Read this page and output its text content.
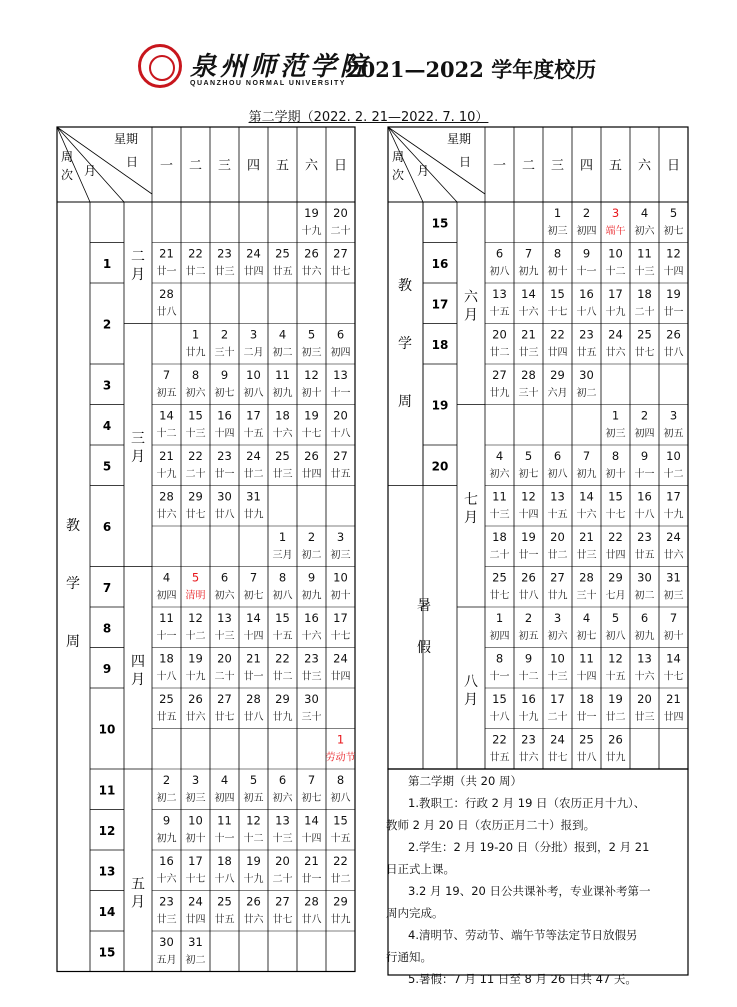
泉州师范学院
QUANZHOU NORMAL UNIVERSITY
2021—2022 学年度校历
第二学期（2022. 2. 21—2022. 7. 10）
星期
日
月
周
次
一 二 三 四 五 六 日
19
十九
20
二十
21
廿一
22
廿二
23
廿三
24
廿四
25
廿五
26
廿六
27
廿七
28
廿八
1
廿九
2
三十
3
二月
4
初二
5
初三
6
初四
7
初五
8
初六
9
初七
10
初八
11
初九
12
初十
13
十一
14
十二
15
十三
16
十四
17
十五
18
十六
19
十七
20
十八
21
十九
22
二十
23
廿一
24
廿二
25
廿三
26
廿四
27
廿五
28
廿六
29
廿七
30
廿八
31
廿九
1
三月
2
初二
3
初三
4
初四
5
清明
6
初六
7
初七
8
初八
9
初九
10
初十
11
十一
12
十二
13
十三
14
十四
15
十五
16
十六
17
十七
18
十八
19
十九
20
二十
21
廿一
22
廿二
23
廿三
24
廿四
25
廿五
26
廿六
27
廿七
28
廿八
29
廿九
30
三十
1
劳动节
2
初二
3
初三
4
初四
5
初五
6
初六
7
初七
8
初八
9
初九
10
初十
11
十一
12
十二
13
十三
14
十四
15
十五
16
十六
17
十七
18
十八
19
十九
20
二十
21
廿一
22
廿二
23
廿三
24
廿四
25
廿五
26
廿六
27
廿七
28
廿八
29
廿九
30
五月
31
初二
1
2
3
4
5
6
7
8
9
10
11
12
13
14
15
二
月
三
月
四
月
五
月
教
学
周
星期
日
月
周
次
一 二 三 四 五 六 日
1
初三
2
初四
3
端午
4
初六
5
初七
6
初八
7
初九
8
初十
9
十一
10
十二
11
十三
12
十四
13
十五
14
十六
15
十七
16
十八
17
十九
18
二十
19
廿一
20
廿二
21
廿三
22
廿四
23
廿五
24
廿六
25
廿七
26
廿八
27
廿九
28
三十
29
六月
30
初二
1
初三
2
初四
3
初五
4
初六
5
初七
6
初八
7
初九
8
初十
9
十一
10
十二
11
十三
12
十四
13
十五
14
十六
15
十七
16
十八
17
十九
18
二十
19
廿一
20
廿二
21
廿三
22
廿四
23
廿五
24
廿六
25
廿七
26
廿八
27
廿九
28
三十
29
七月
30
初二
31
初三
1
初四
2
初五
3
初六
4
初七
5
初八
6
初九
7
初十
8
十一
9
十二
10
十三
11
十四
12
十五
13
十六
14
十七
15
十八
16
十九
17
二十
18
廿一
19
廿二
20
廿三
21
廿四
22
廿五
23
廿六
24
廿七
25
廿八
26
廿九
15
16
17
18
19
20
六
月
七
月
八
月
教
学
周
暑
假
第二学期（共 20 周）
1.教职工：行政 2 月 19 日（农历正月十九）、
教师 2 月 20 日（农历正月二十）报到。
2.学生：2 月 19-20 日（分批）报到，2 月 21
日正式上课。
3.2 月 19、20 日公共课补考，专业课补考第一
周内完成。
4.清明节、劳动节、端午节等法定节日放假另
行通知。
5.暑假：7 月 11 日至 8 月 26 日共 47 天。
